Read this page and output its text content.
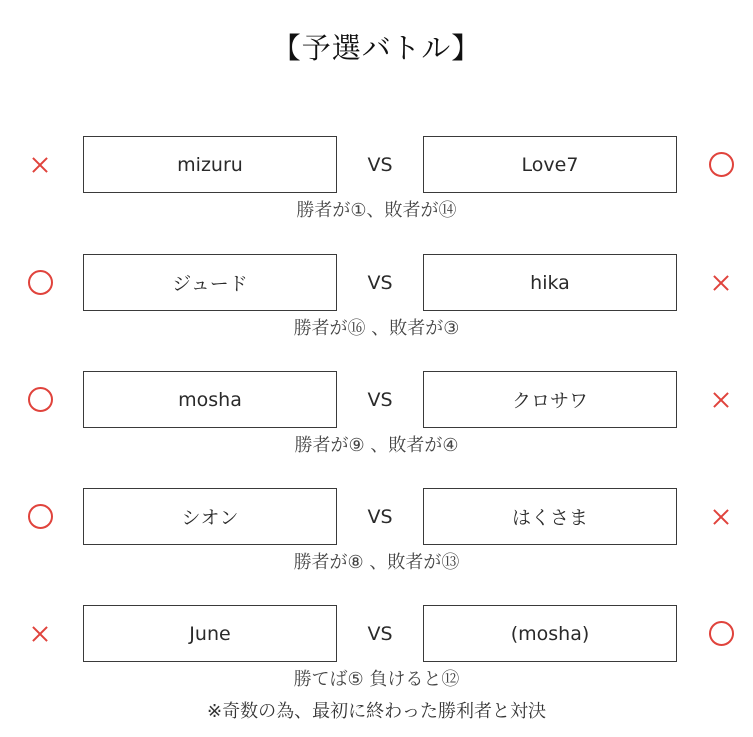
【予選バトル】
mizuru	VS	Love7
勝者が①、敗者が⑭
ジュード	VS	hika
勝者が⑯ 、敗者が③
mosha	VS	クロサワ
勝者が⑨ 、敗者が④
シオン	VS	はくさま
勝者が⑧ 、敗者が⑬
June	VS	(mosha)
勝てば⑤ 負けると⑫
※奇数の為、最初に終わった勝利者と対決
